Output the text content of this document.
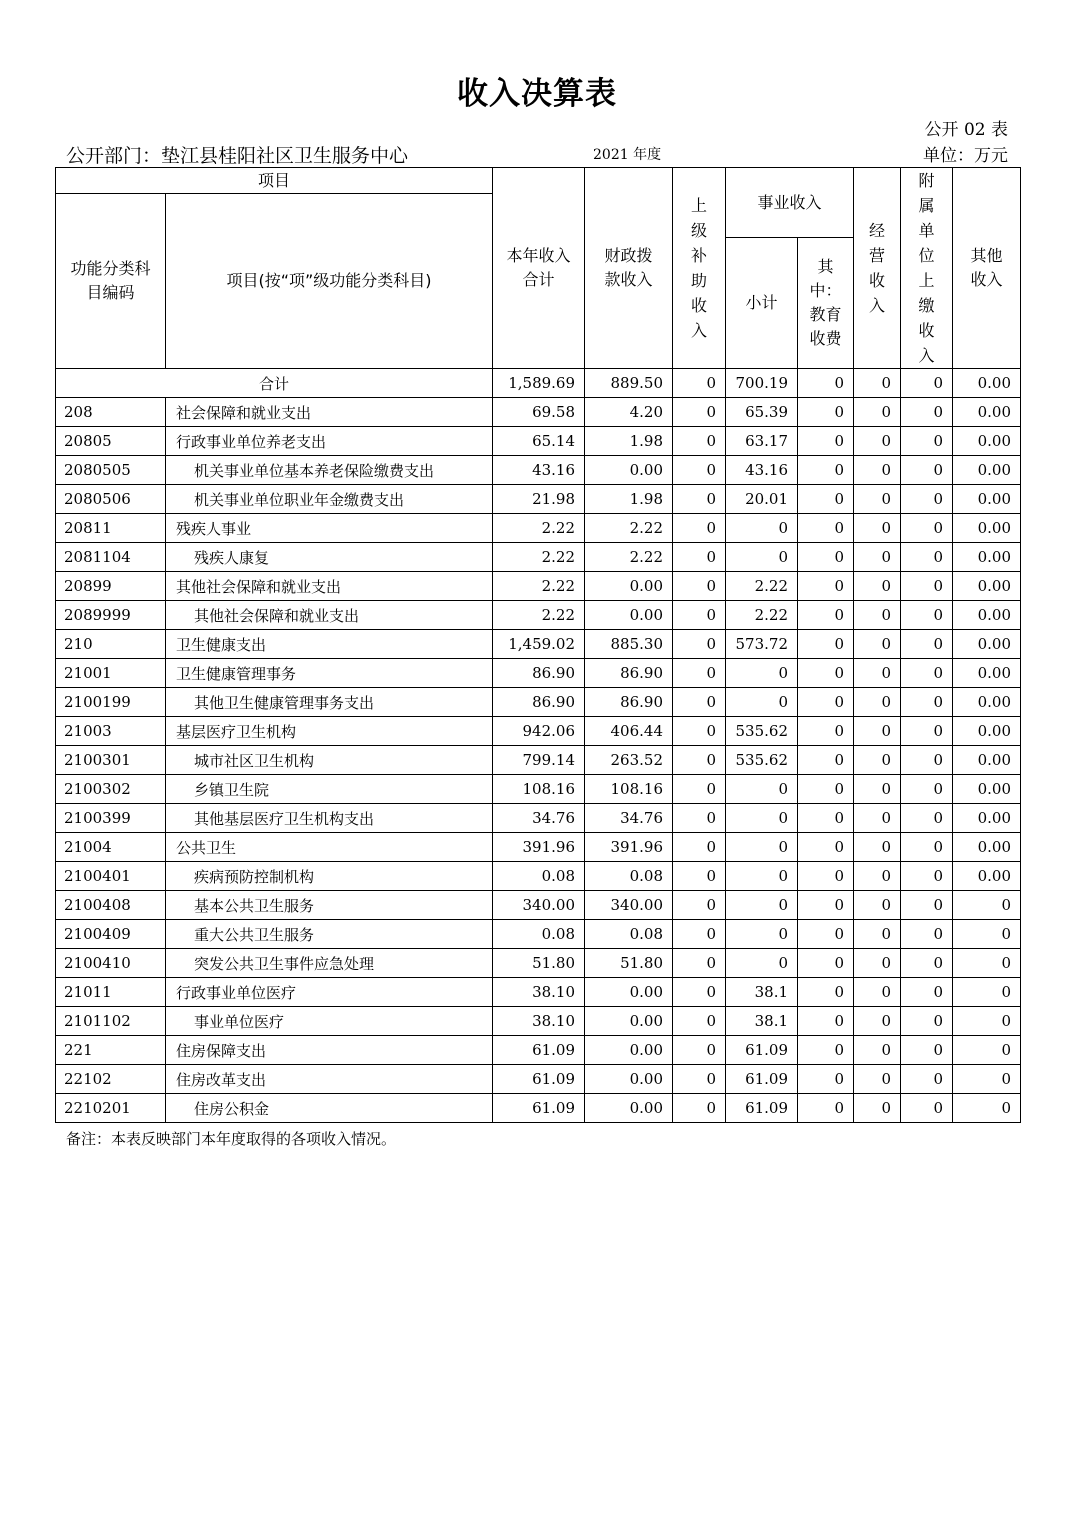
收入决算表
公开 02 表
公开部门：垫江县桂阳社区卫生服务中心	2021 年度	单位：万元
项目		本年收入合计	财政拨款收入	上级补助收入	事业收入		经营收入	附属单位上缴收入	其他收入

功能分类科目编码	项目(按“项”级功能分类科目)								
					小计	其中：教育收费			

合计		1,589.69	889.50	0	700.19	0	0	0	0.00
208	社会保障和就业支出	69.58	4.20	0	65.39	0	0	0	0.00
20805	行政事业单位养老支出	65.14	1.98	0	63.17	0	0	0	0.00
2080505	机关事业单位基本养老保险缴费支出	43.16	0.00	0	43.16	0	0	0	0.00
2080506	机关事业单位职业年金缴费支出	21.98	1.98	0	20.01	0	0	0	0.00
20811	残疾人事业	2.22	2.22	0	0	0	0	0	0.00
2081104	残疾人康复	2.22	2.22	0	0	0	0	0	0.00
20899	其他社会保障和就业支出	2.22	0.00	0	2.22	0	0	0	0.00
2089999	其他社会保障和就业支出	2.22	0.00	0	2.22	0	0	0	0.00
210	卫生健康支出	1,459.02	885.30	0	573.72	0	0	0	0.00
21001	卫生健康管理事务	86.90	86.90	0	0	0	0	0	0.00
2100199	其他卫生健康管理事务支出	86.90	86.90	0	0	0	0	0	0.00
21003	基层医疗卫生机构	942.06	406.44	0	535.62	0	0	0	0.00
2100301	城市社区卫生机构	799.14	263.52	0	535.62	0	0	0	0.00
2100302	乡镇卫生院	108.16	108.16	0	0	0	0	0	0.00
2100399	其他基层医疗卫生机构支出	34.76	34.76	0	0	0	0	0	0.00
21004	公共卫生	391.96	391.96	0	0	0	0	0	0.00
2100401	疾病预防控制机构	0.08	0.08	0	0	0	0	0	0.00
2100408	基本公共卫生服务	340.00	340.00	0	0	0	0	0	0
2100409	重大公共卫生服务	0.08	0.08	0	0	0	0	0	0
2100410	突发公共卫生事件应急处理	51.80	51.80	0	0	0	0	0	0
21011	行政事业单位医疗	38.10	0.00	0	38.1	0	0	0	0
2101102	事业单位医疗	38.10	0.00	0	38.1	0	0	0	0
221	住房保障支出	61.09	0.00	0	61.09	0	0	0	0
22102	住房改革支出	61.09	0.00	0	61.09	0	0	0	0
2210201	住房公积金	61.09	0.00	0	61.09	0	0	0	0
备注：本表反映部门本年度取得的各项收入情况。
